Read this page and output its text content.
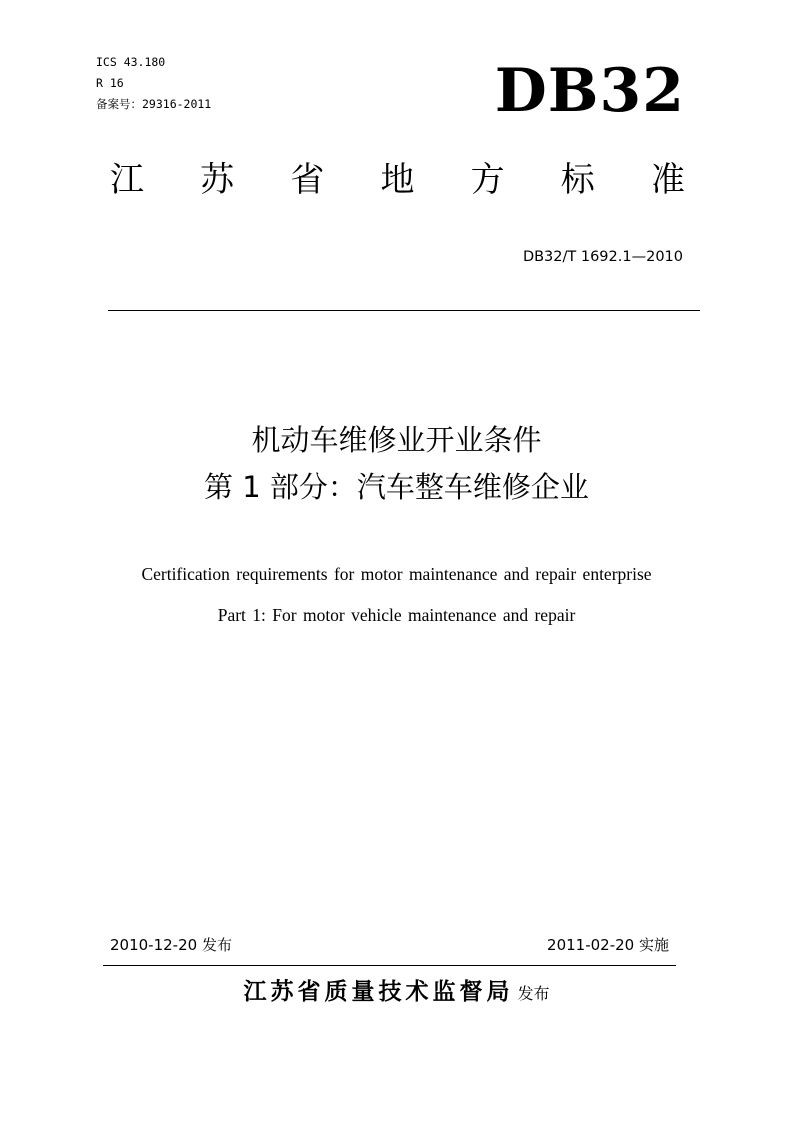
ICS 43.180
R 16
备案号：29316-2011	DB32
江 苏 省 地 方 标 准
DB32/T 1692.1—2010
机动车维修业开业条件
第 1 部分：汽车整车维修企业
Certification requirements for motor maintenance and repair enterprise
Part 1: For motor vehicle maintenance and repair
2010-12-20 发布	2011-02-20 实施
江苏省质量技术监督局 发布
